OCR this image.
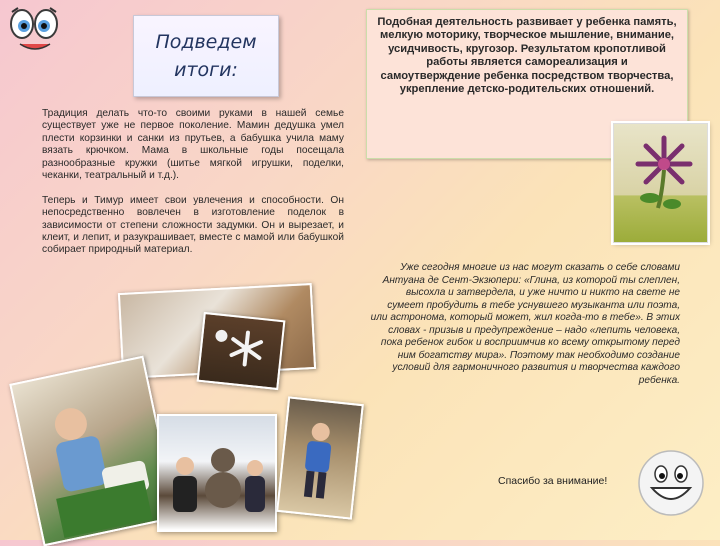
Подведем
итоги:

Традиция делать что-то своими руками в нашей семье существует уже не первое поколение. Мамин дедушка умел плести корзинки и санки из прутьев, а бабушка учила маму вязать крючком. Мама в школьные годы посещала разнообразные кружки (шитье мягкой игрушки, поделки, чеканки, театральный и т.д.).

Теперь и Тимур имеет свои увлечения и способности. Он непосредственно вовлечен в изготовление поделок в зависимости от степени сложности задумки. Он и вырезает, и клеит, и лепит, и разукрашивает, вместе с мамой или бабушкой собирает природный материал.

Подобная деятельность развивает у ребенка память, мелкую моторику, творческое мышление, внимание, усидчивость, кругозор. Результатом кропотливой работы является самореализация и самоутверждение ребенка посредством творчества, укрепление детско-родительских отношений.

Уже сегодня многие из нас могут сказать о себе словами Антуана де Сент-Экзюпери: «Глина, из которой ты слеплен, высохла и затвердела, и уже ничто и никто на свете не сумеет пробудить в тебе уснувшего музыканта или поэта, или астронома, который может, жил когда-то в тебе». В этих словах - призыв и предупреждение – надо «лепить человека, пока ребенок гибок и восприимчив ко всему открытому перед ним богатству мира». Поэтому так необходимо создание условий для гармоничного развития и творчества каждого ребенка.

Спасибо за внимание!
